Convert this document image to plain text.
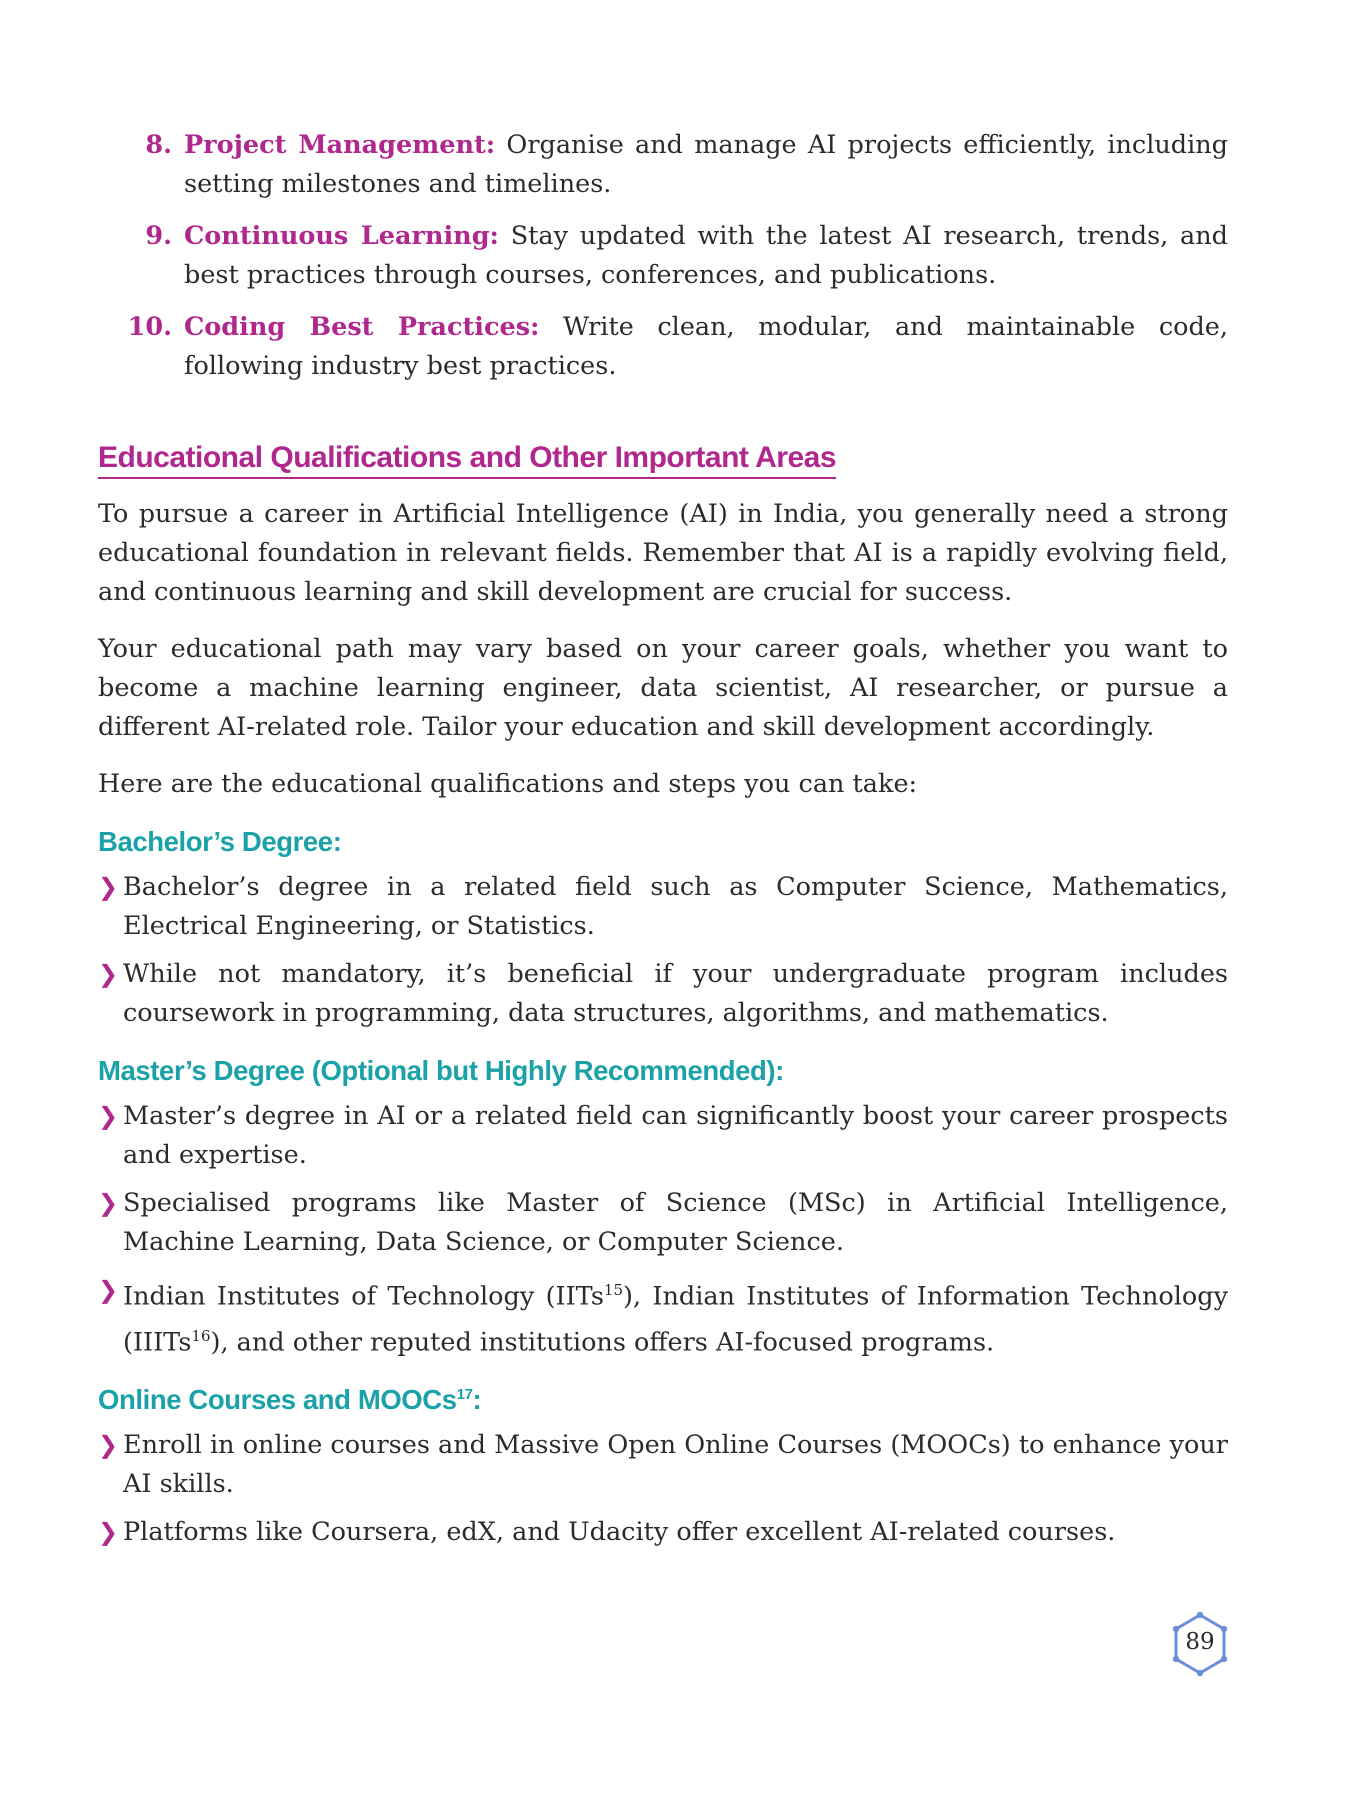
8. Project Management: Organise and manage AI projects efficiently, including setting milestones and timelines.
9. Continuous Learning: Stay updated with the latest AI research, trends, and best practices through courses, conferences, and publications.
10. Coding Best Practices: Write clean, modular, and maintainable code, following industry best practices.
Educational Qualifications and Other Important Areas

To pursue a career in Artificial Intelligence (AI) in India, you generally need a strong educational foundation in relevant fields. Remember that AI is a rapidly evolving field, and continuous learning and skill development are crucial for success.

Your educational path may vary based on your career goals, whether you want to become a machine learning engineer, data scientist, AI researcher, or pursue a different AI-related role. Tailor your education and skill development accordingly.

Here are the educational qualifications and steps you can take:

Bachelor’s Degree:
❯ Bachelor’s degree in a related field such as Computer Science, Mathematics, Electrical Engineering, or Statistics.
❯ While not mandatory, it’s beneficial if your undergraduate program includes coursework in programming, data structures, algorithms, and mathematics.
Master’s Degree (Optional but Highly Recommended):
❯ Master’s degree in AI or a related field can significantly boost your career prospects and expertise.
❯ Specialised programs like Master of Science (MSc) in Artificial Intelligence, Machine Learning, Data Science, or Computer Science.
❯ Indian Institutes of Technology (IITs$^{15}$), Indian Institutes of Information Technology (IIITs$^{16}$), and other reputed institutions offers AI-focused programs.
Online Courses and MOOCs$^{17}$:
❯ Enroll in online courses and Massive Open Online Courses (MOOCs) to enhance your AI skills.
❯ Platforms like Coursera, edX, and Udacity offer excellent AI-related courses.
89
